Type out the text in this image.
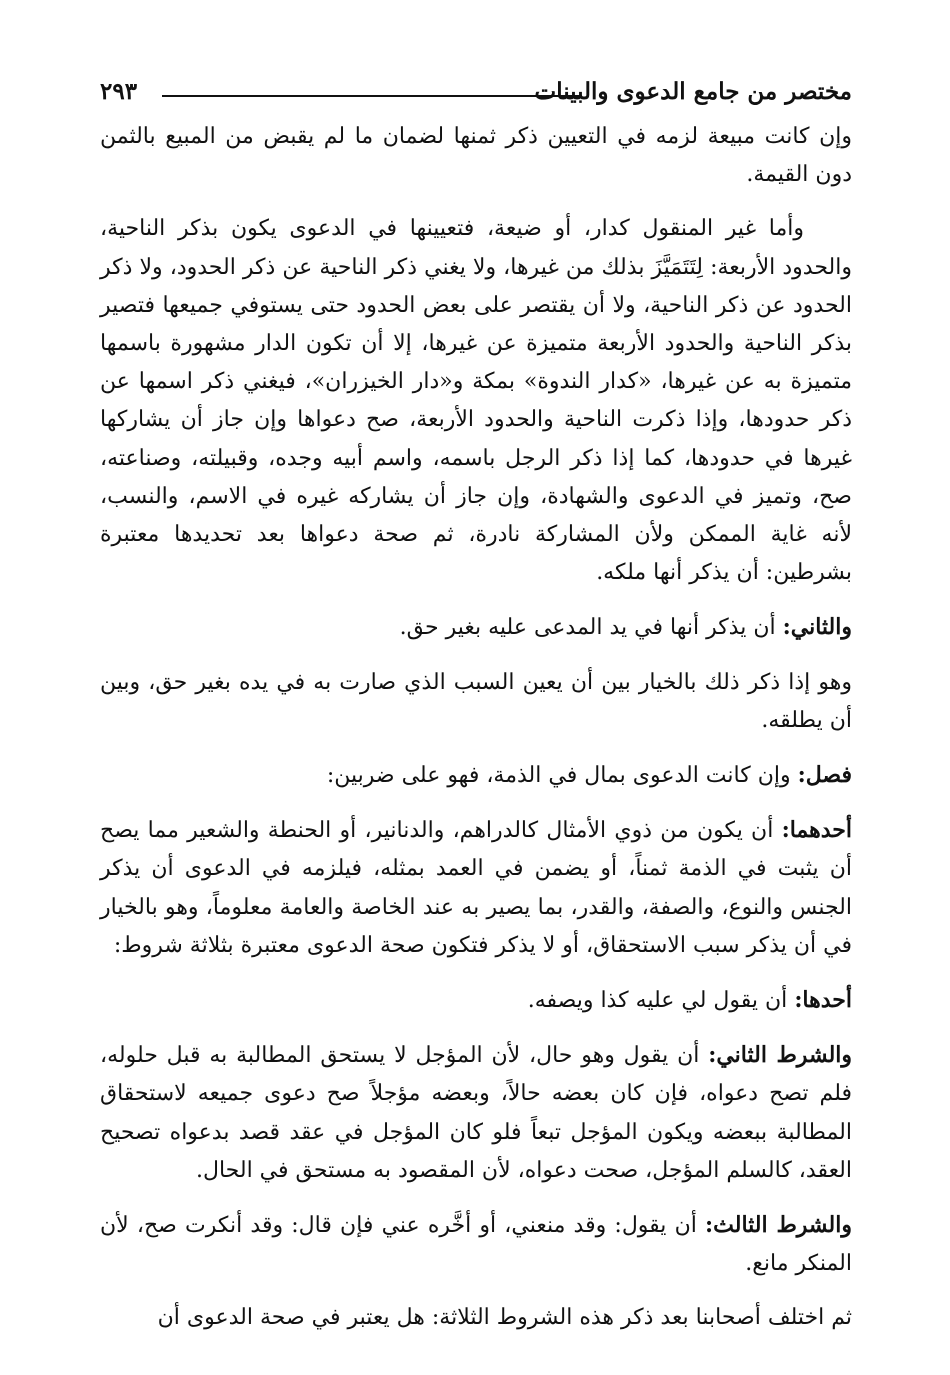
مختصر من جامع الدعوى والبينات
٢٩٣

وإن كانت مبيعة لزمه في التعيين ذكر ثمنها لضمان ما لم يقبض من المبيع بالثمن دون القيمة.

وأما غير المنقول كدار، أو ضيعة، فتعيينها في الدعوى يكون بذكر الناحية، والحدود الأربعة: لِتَتَمَيَّزَ بذلك من غيرها، ولا يغني ذكر الناحية عن ذكر الحدود، ولا ذكر الحدود عن ذكر الناحية، ولا أن يقتصر على بعض الحدود حتى يستوفي جميعها فتصير بذكر الناحية والحدود الأربعة متميزة عن غيرها، إلا أن تكون الدار مشهورة باسمها متميزة به عن غيرها، «كدار الندوة» بمكة و«دار الخيزران»، فيغني ذكر اسمها عن ذكر حدودها، وإذا ذكرت الناحية والحدود الأربعة، صح دعواها وإن جاز أن يشاركها غيرها في حدودها، كما إذا ذكر الرجل باسمه، واسم أبيه وجده، وقبيلته، وصناعته، صح، وتميز في الدعوى والشهادة، وإن جاز أن يشاركه غيره في الاسم، والنسب، لأنه غاية الممكن ولأن المشاركة نادرة، ثم صحة دعواها بعد تحديدها معتبرة بشرطين: أن يذكر أنها ملكه.

والثاني: أن يذكر أنها في يد المدعى عليه بغير حق.

وهو إذا ذكر ذلك بالخيار بين أن يعين السبب الذي صارت به في يده بغير حق، وبين أن يطلقه.

فصل: وإن كانت الدعوى بمال في الذمة، فهو على ضربين:

أحدهما: أن يكون من ذوي الأمثال كالدراهم، والدنانير، أو الحنطة والشعير مما يصح أن يثبت في الذمة ثمناً، أو يضمن في العمد بمثله، فيلزمه في الدعوى أن يذكر الجنس والنوع، والصفة، والقدر، بما يصير به عند الخاصة والعامة معلوماً، وهو بالخيار في أن يذكر سبب الاستحقاق، أو لا يذكر فتكون صحة الدعوى معتبرة بثلاثة شروط:

أحدها: أن يقول لي عليه كذا ويصفه.

والشرط الثاني: أن يقول وهو حال، لأن المؤجل لا يستحق المطالبة به قبل حلوله، فلم تصح دعواه، فإن كان بعضه حالاً، وبعضه مؤجلاً صح دعوى جميعه لاستحقاق المطالبة ببعضه ويكون المؤجل تبعاً فلو كان المؤجل في عقد قصد بدعواه تصحيح العقد، كالسلم المؤجل، صحت دعواه، لأن المقصود به مستحق في الحال.

والشرط الثالث: أن يقول: وقد منعني، أو أخَّره عني فإن قال: وقد أنكرت صح، لأن المنكر مانع.

ثم اختلف أصحابنا بعد ذكر هذه الشروط الثلاثة: هل يعتبر في صحة الدعوى أن
